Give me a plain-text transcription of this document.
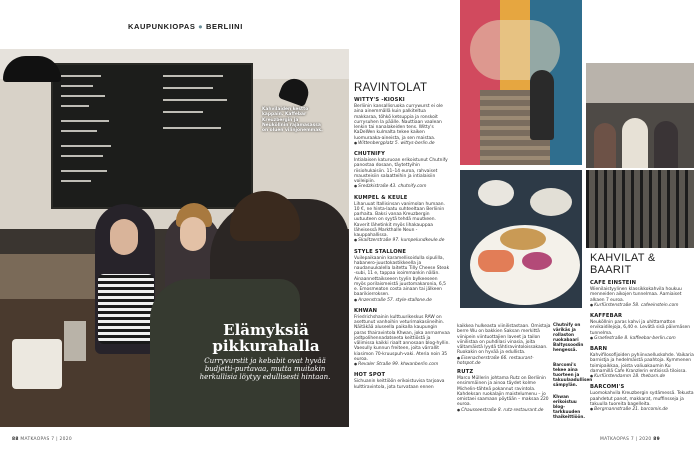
KAUPUNKIOPAS ● BERLIINI
Kahvilaiden kestto kappain. Kaffebar Kreuzbergin ja Neuköllnin rajamasassa on oluen vilinjonemmak.
Elämyksiä
pikkurahalla
Curryvurstit ja kebabit ovat hyvää budjetti-purtavaa, mutta muitakin herkullisia löytyy edullisesti hintaan.
RAVINTOLAT
WITTY'S -KIOSKI
Berliinin kansallisruoka currywurst ei ole aina ainemmällä kuin palkiteltua makkaraa, töhkö ketsuppia ja ronskoit currysuhen la päälle. Nauttiaan vaalean lenkin tai nanalakeiden tens. Witty's KaDeWen kulmalta tekee kaiken luomuraaka-aineista, ja sen maistaa.
● Wittenbergplatz 5. wittys-berlin.de
CHUTNIFY
Intialaisen katuruoan erikoistunut Chutnify panostaa dosaan, täytettyihin riisiohukaisiin. 11–14 euroa, rahvaiset mausteisiin salaatteihin ja intialaisiin voileipiin.
● Sredzkistraße 43. chutnify.com
KUMPEL & KEULE
Liharuuat Itallisinsan vanimolan humaan. 10 €, ne hinta-laatu suhteeltaan Berliinin parhaita. Baksi vanaa Kreuzbergin uutuuteen on syytä tehdä muutkeen. Kaverit lähetinkit myös lihakauppaa läheisessä Markthalle Neun -kauppahallissa.
● Skalitzerstraße 97. kumpelundkeule.de
STYLE STALLONE
Vuilepaikaanin karamellisoidulla sipulilla, habanero-juustokastikkeella ja naudanuukalella laitettu Tilly Cheese Steak -subi, 11 e, tappaa isoimmankin nälän. Ainaannettaikseeen tyylin bylkeeseen myös porilaismeistä juustomakaronia, 6,5 e. Emosmeaton costa ainaan tai jälkeen baarikierroksen.
● Anzenstraße 57. style-stallone.de
KHWAN
Friedrichshainin kulttuurikeskus RAW on asettunut vanhoihin veturimakasiineihin. Näitäkää aluseella paikalla kaupungin paras thairavintola Khwan, joka anrnamvaa jodtpolihennadatseeta keittiöstä ja välimissa kaikki riaalt annosaan blog-hyllin. Vaesully kunnun freiteen, joita värrallit kiasimon 70-kruuspuh-vaki. Ateria noin 35 euroa.
● Revaler Straße 99. khwanberlin.com
HOT SPOT
Sichuanin keittiöön erikoistuvisa tarjoava kulttiravintola, jota turvataan ennen
Chutnify on värikäs ja rollaston ruokabaari Baltyssoodin hengessä.
Barcomi's tekee aina tuorteen ja takuulaadullisen sämpylän.
Khwan erikoistuu blog-tarkkuuden thaikeittiöön.
kaikkea hulkeasta viinilistastaan. Omistaja berre Wu on bakkien Saksan merkittä viinipein viintuottajien laveet ja tailon viinilistaa on puhdilasi vinasia, joita vältamäistä lyydä tähtiravintoloissakaan. Ruokakin on hyvää ja edullista.
● Eisenacherstraße 66. restaurant-hotspot.de
RUTZ
Marco Müllerin johtama Rutz on Berliinin ensimmäinen ja ainoa täydet kolme Michelin-tähteä pokannut ravintola. Kahdeksan ruokalajin maistelumenu – jo omistaei saamaan pöytään – maksaa 220 euroa.
● Chausseestraße 8. rutz-restaurant.de
KAHVILAT &
BAARIT
CAFE EINSTEIN
Wienilaistyylinen klassikkokahvila houkuu menneiden aikojen tunnelmaa. Aamiaiset alkaen 7 euroa.
● Kurfürstenstraße 58. cafeeinstein.com
KAFFEBAR
Neuköllnin paras kahvi ja uhittamatton ervikaidilejoja, 6,40 e. Levätä sisä päivmäsen tunnelma.
● Graefestraße 8. kaffeebar-berlin.com
BARN
Kahvifilosofijoiden pyhiinvaelluskohde. Vaikaria barnistja ja hedelmäistä paahtoja. Kymmenen toimipaikkaa, joista valiuakaumin Ku damamillä Cafe Kranzlerin entisissä tiloissa.
● Kurfürstendamm 18. thebarn.de
BARCOMI'S
Luomokahvila Kreuzbergin sydämessä. Tekusta paahdetut panot, makkarat, muffinsseja ja takuulla tuoreita bagelleita.
● Bergmannstraße 21. barcomis.de
88 MATKAOPAS 7 | 2020	MATKAOPAS 7 | 2020 89
